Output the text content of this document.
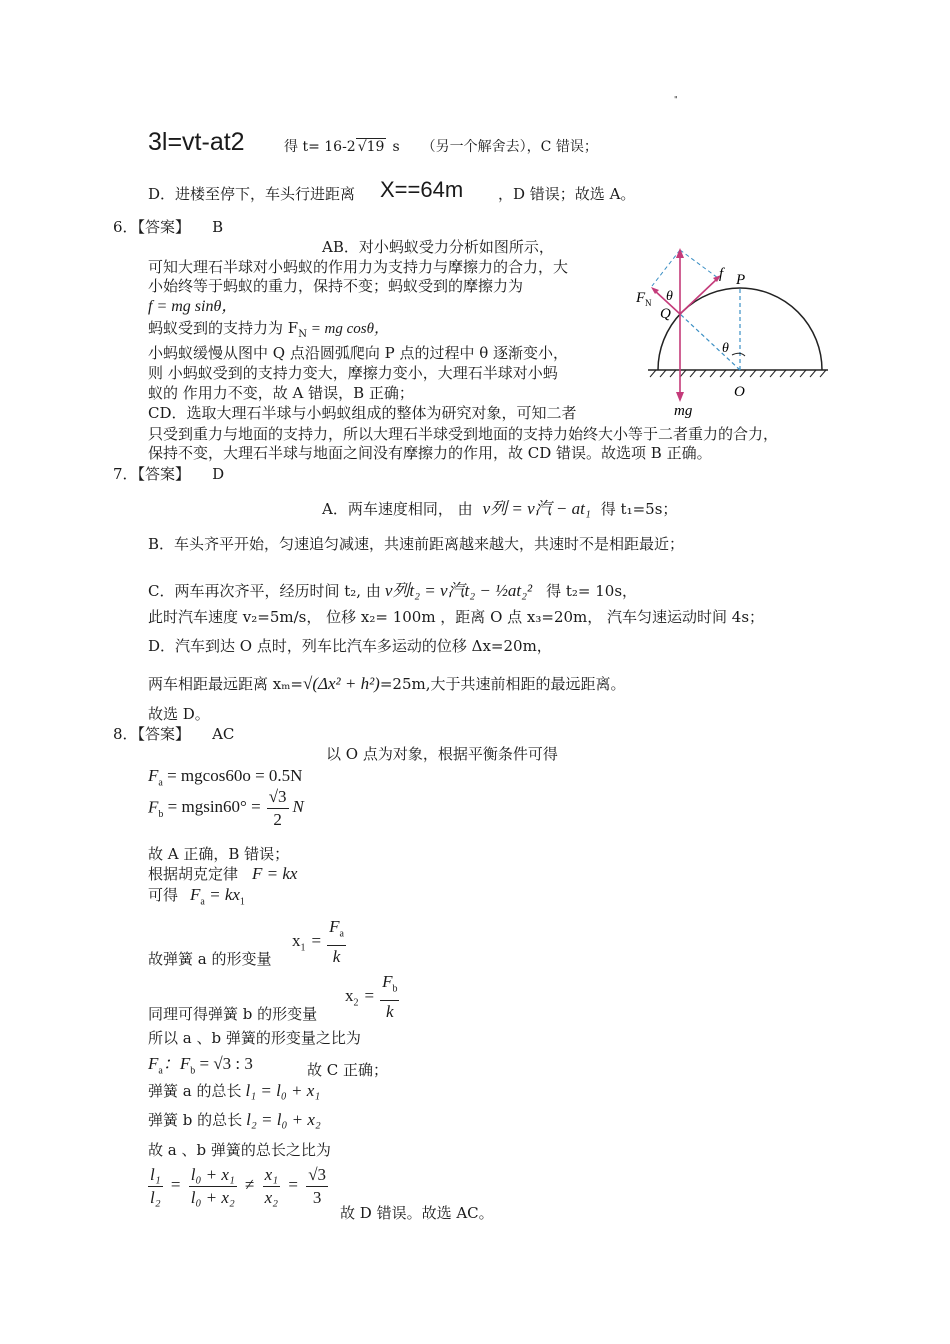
"
3l=vt-at2	得 t= 16-2 √19 s （另一个解舍去），C 错误；
D．进楼至停下，车头行进距离 X==64m ，D 错误；故选 A。
6．【答案】 B
AB．对小蚂蚁受力分析如图所示，
可知大理石半球对小蚂蚁的作用力为支持力与摩擦力的合力，大
小始终等于蚂蚁的重力，保持不变；蚂蚁受到的摩擦力为
f = mg sinθ，
蚂蚁受到的支持力为 $F_N$ = mg cosθ，
小蚂蚁缓慢从图中 Q 点沿圆弧爬向 P 点的过程中 θ 逐渐变小，
则 小蚂蚁受到的支持力变大，摩擦力变小，大理石半球对小蚂
蚁的 作用力不变，故 A 错误，B 正确；
CD．选取大理石半球与小蚂蚁组成的整体为研究对象，可知二者
只受到重力与地面的支持力，所以大理石半球受到地面的支持力始终大小等于二者重力的合力，
保持不变，大理石半球与地面之间没有摩擦力的作用，故 CD 错误。故选项 B 正确。
f P
F N θ
Q
θ
O
mg
7．【答案】 D
A．两车速度相同， 由 v列 = v汽 − at₁ 得 t₁=5s；
B．车头齐平开始，匀速追匀减速，共速前距离越来越大，共速时不是相距最近；
C．两车再次齐平，经历时间 t₂, 由 v列t₂ = v汽t₂ − ½at₂² 得 t₂= 10s，
此时汽车速度 v₂=5m/s， 位移 x₂= 100m ，距离 O 点 x₃=20m， 汽车匀速运动时间 4s；
D．汽车到达 O 点时，列车比汽车多运动的位移 Δx=20m，
两车相距最远距离 xₘ=√(Δx² + h²)=25m,大于共速前相距的最远距离。
故选 D。
8．【答案】 AC
以 O 点为对象，根据平衡条件可得
$F_a = mgcos60o = 0.5N$
$F_b = mgsin60^\circ = \frac{√3}{2}$ N
故 A 正确，B 错误；
根据胡克定律 F = kx
可得 $F_a = kx_1$
故弹簧 a 的形变量
$x_1 = \frac{F_a}{k}$
同理可得弹簧 b 的形变量
$x_2 = \frac{F_b}{k}$
所以 a 、b 弹簧的形变量之比为
$F_a$：$F_b = √3$ : 3	故 C 正确；
弹簧 a 的总长 l₁ = l₀ + x₁
弹簧 b 的总长 l₂ = l₀ + x₂
故 a 、b 弹簧的总长之比为
$\frac{\text{l₁}}{\text{l₂}} = \frac{\text{l₀ + x₁}}{\text{l₀ + x₂}} \ne \frac{\text{x₁}}{\text{x₂}} = \frac{√3}{3}$
故 D 错误。故选 AC。
